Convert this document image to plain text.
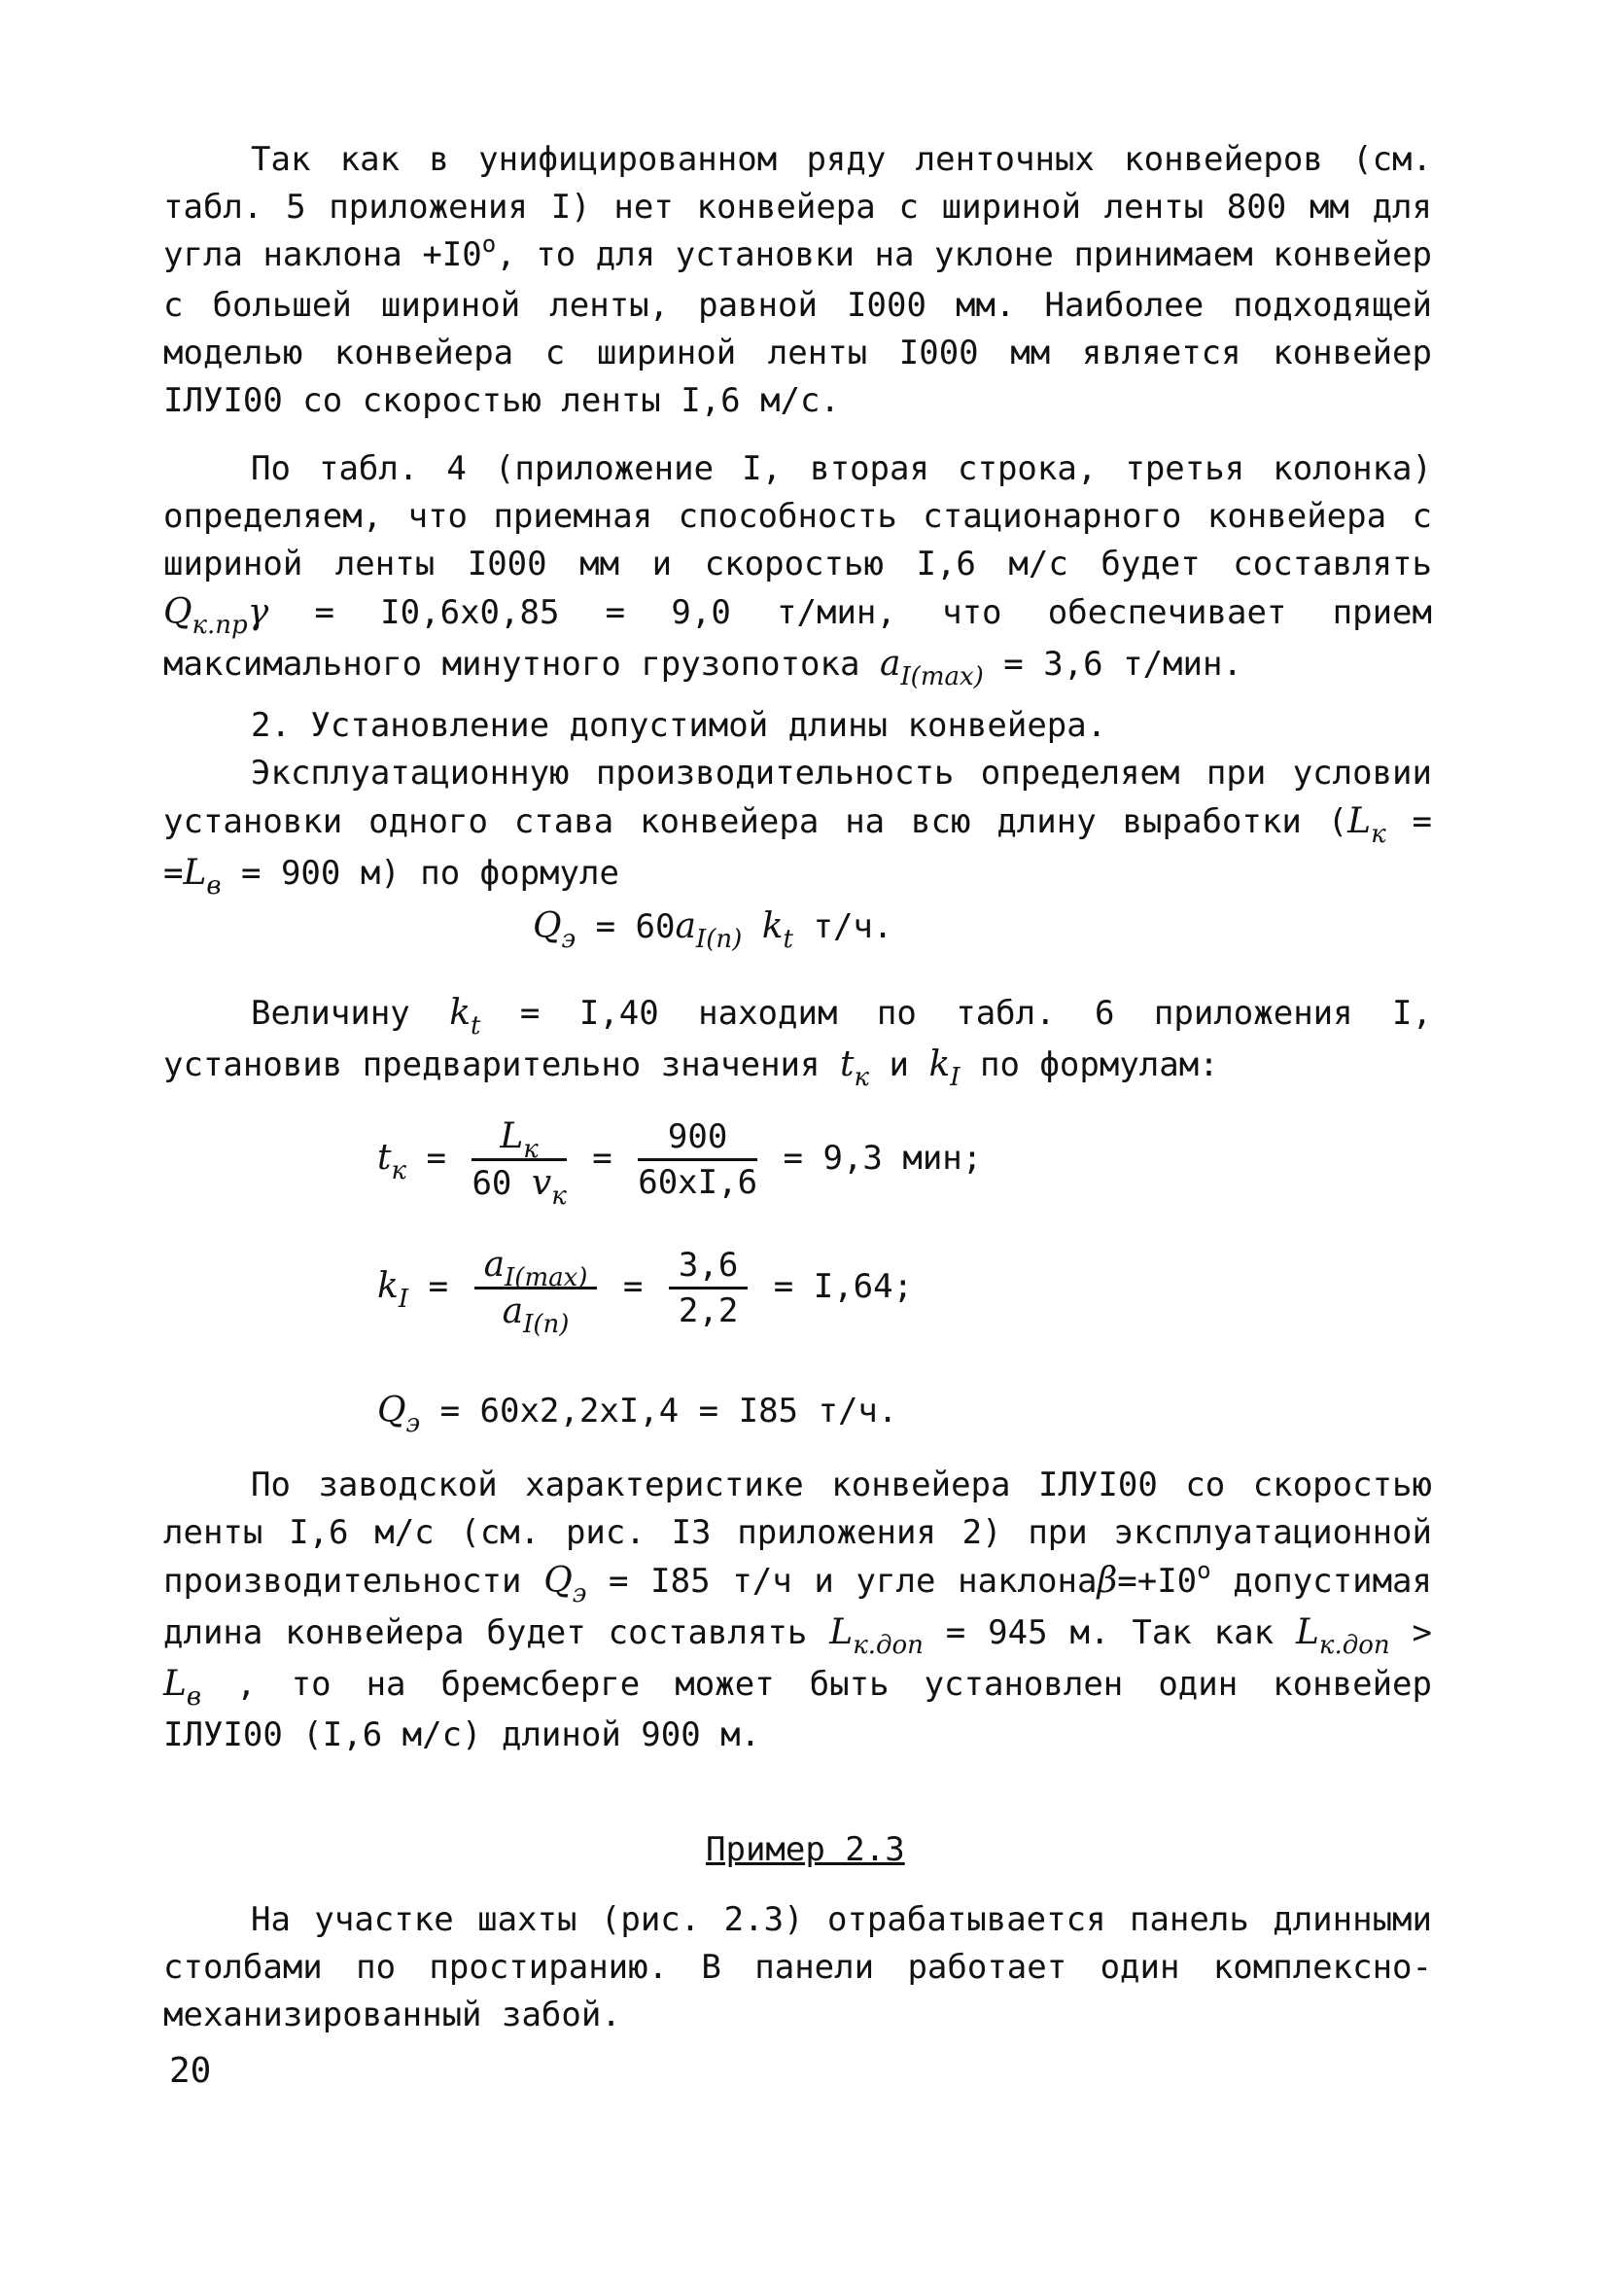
Так как в унифицированном ряду ленточных конвейеров (см. табл. 5 приложения I) нет конвейера с шириной ленты 800 мм для угла наклона $+I0^о$, то для установки на уклоне принимаем конвейер с большей шириной ленты, равной I000 мм. Наиболее подходящей моделью конвейера с шириной ленты I000 мм является конвейер IЛУI00 со скоростью ленты I,6 м/с.

По табл. 4 (приложение I, вторая строка, третья колонка) определяем, что приемная способность стационарного конвейера с шириной ленты I000 мм и скоростью I,6 м/с будет составлять $Q_{к.пр}\gamma = I0,6х0,85 = 9,0$ т/мин, что обеспечивает прием максимального минутного грузопотока $a_{I(max)} = 3,6$ т/мин.

2. Установление допустимой длины конвейера.

Эксплуатационную производительность определяем при условии установки одного става конвейера на всю длину выработки ($L_к = =L_в = 900$ м) по формуле

$Q_э = 60a_{I(n)}$ $k_t$ т/ч.

Величину $k_t = I,40$ находим по табл. 6 приложения I, установив предварительно значения $t_к$ и $k_I$ по формулам:

$t_к = \frac{L_к}{60 v_к} = \frac{900}{60хI,6} = 9,3$ мин;
$k_I = \frac{a_{I(max)}}{a_{I(n)}} = \frac{3,6}{2,2} = I,64$;
$Q_э = 60х2,2хI,4 = I85$ т/ч.

По заводской характеристике конвейера IЛУI00 со скоростью ленты I,6 м/с (см. рис. I3 приложения 2) при эксплуатационной производительности $Q_э = I85$ т/ч и угле $наклона\beta=+I0^о$ допустимая длина конвейера будет составлять $L_{к.доп} = 945$ м. Так как $L_{к.доп} > L_в$ , то на бремсберге может быть установлен один конвейер IЛУI00 (I,6 м/с) длиной 900 м.

Пример 2.3

На участке шахты (рис. 2.3) отрабатывается панель длинными столбами по простиранию. В панели работает один комплексно-механизированный забой.

20
